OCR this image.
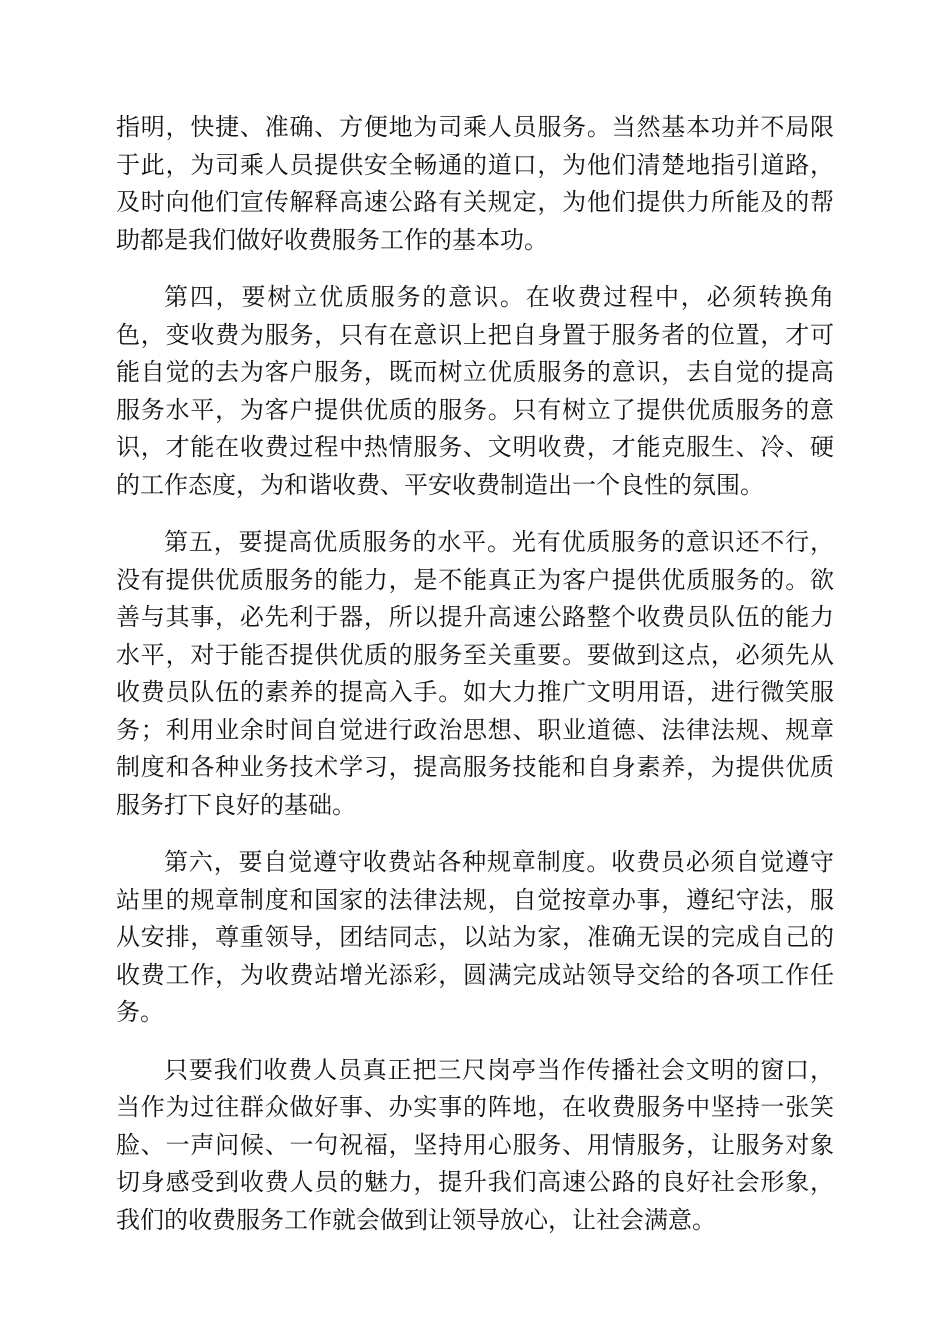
指明，快捷、准确、方便地为司乘人员服务。当然基本功并不局限于此，为司乘人员提供安全畅通的道口，为他们清楚地指引道路，及时向他们宣传解释高速公路有关规定，为他们提供力所能及的帮助都是我们做好收费服务工作的基本功。

第四，要树立优质服务的意识。在收费过程中，必须转换角色，变收费为服务，只有在意识上把自身置于服务者的位置，才可能自觉的去为客户服务，既而树立优质服务的意识，去自觉的提高服务水平，为客户提供优质的服务。只有树立了提供优质服务的意识，才能在收费过程中热情服务、文明收费，才能克服生、冷、硬的工作态度，为和谐收费、平安收费制造出一个良性的氛围。

第五，要提高优质服务的水平。光有优质服务的意识还不行，没有提供优质服务的能力，是不能真正为客户提供优质服务的。欲善与其事，必先利于器，所以提升高速公路整个收费员队伍的能力水平，对于能否提供优质的服务至关重要。要做到这点，必须先从收费员队伍的素养的提高入手。如大力推广文明用语，进行微笑服务；利用业余时间自觉进行政治思想、职业道德、法律法规、规章制度和各种业务技术学习，提高服务技能和自身素养，为提供优质服务打下良好的基础。

第六，要自觉遵守收费站各种规章制度。收费员必须自觉遵守站里的规章制度和国家的法律法规，自觉按章办事，遵纪守法，服从安排，尊重领导，团结同志，以站为家，准确无误的完成自己的收费工作，为收费站增光添彩，圆满完成站领导交给的各项工作任务。

只要我们收费人员真正把三尺岗亭当作传播社会文明的窗口，当作为过往群众做好事、办实事的阵地，在收费服务中坚持一张笑脸、一声问候、一句祝福，坚持用心服务、用情服务，让服务对象切身感受到收费人员的魅力，提升我们高速公路的良好社会形象，我们的收费服务工作就会做到让领导放心，让社会满意。
